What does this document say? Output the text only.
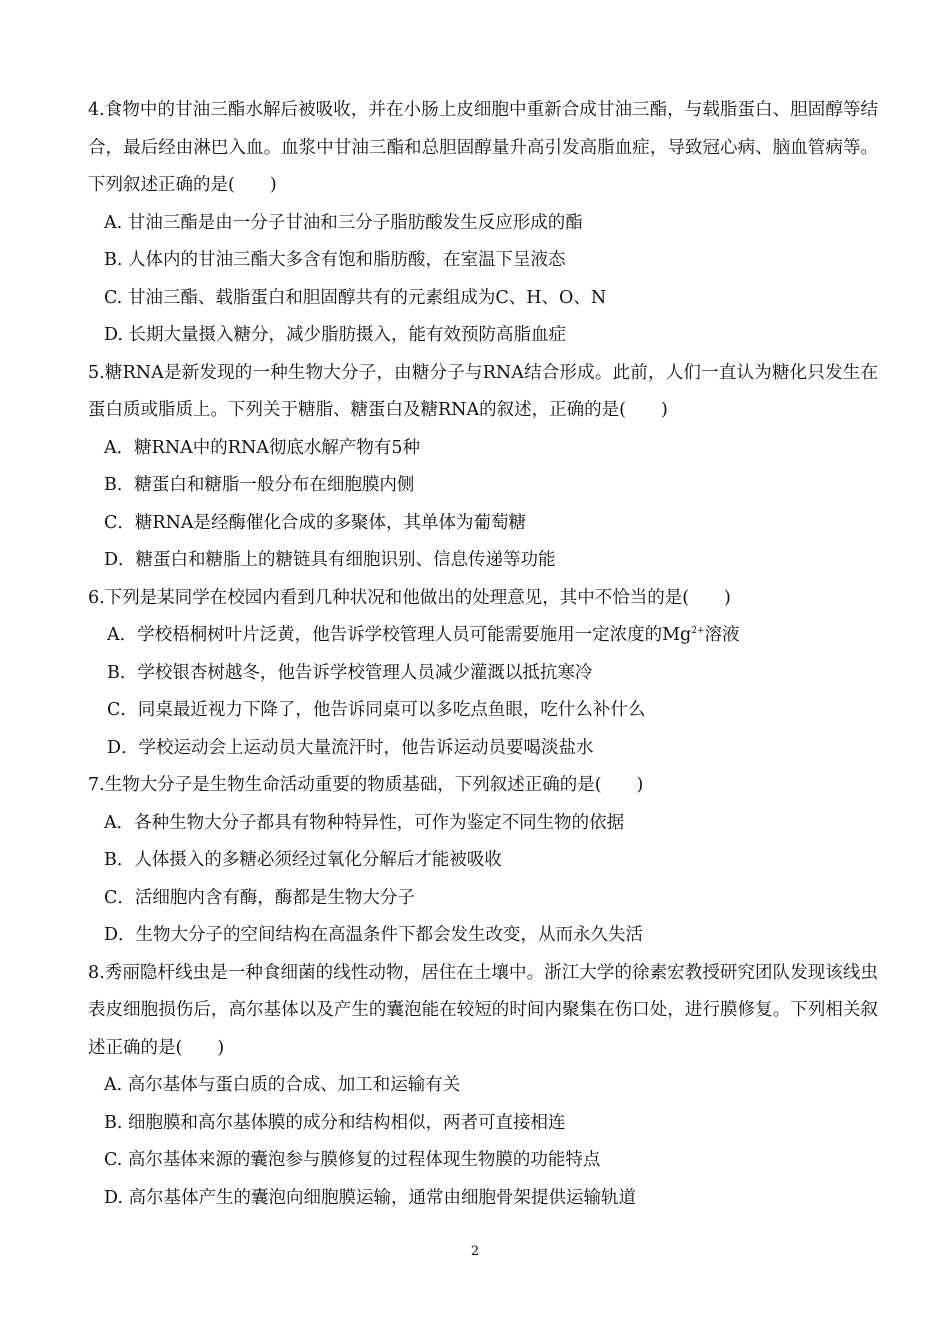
4.食物中的甘油三酯水解后被吸收，并在小肠上皮细胞中重新合成甘油三酯，与载脂蛋白、胆固醇等结合，最后经由淋巴入血。血浆中甘油三酯和总胆固醇量升高引发高脂血症，导致冠心病、脑血管病等。下列叙述正确的是(　　)

A. 甘油三酯是由一分子甘油和三分子脂肪酸发生反应形成的酯
B. 人体内的甘油三酯大多含有饱和脂肪酸，在室温下呈液态
C. 甘油三酯、载脂蛋白和胆固醇共有的元素组成为C、H、O、N
D. 长期大量摄入糖分，减少脂肪摄入，能有效预防高脂血症

5.糖RNA是新发现的一种生物大分子，由糖分子与RNA结合形成。此前，人们一直认为糖化只发生在蛋白质或脂质上。下列关于糖脂、糖蛋白及糖RNA的叙述，正确的是(　　)

A．糖RNA中的RNA彻底水解产物有5种
B．糖蛋白和糖脂一般分布在细胞膜内侧
C．糖RNA是经酶催化合成的多聚体，其单体为葡萄糖
D．糖蛋白和糖脂上的糖链具有细胞识别、信息传递等功能

6.下列是某同学在校园内看到几种状况和他做出的处理意见，其中不恰当的是(　　)

A．学校梧桐树叶片泛黄，他告诉学校管理人员可能需要施用一定浓度的$Mg^{2+}$溶液
B．学校银杏树越冬，他告诉学校管理人员减少灌溉以抵抗寒冷
C．同桌最近视力下降了，他告诉同桌可以多吃点鱼眼，吃什么补什么
D．学校运动会上运动员大量流汗时，他告诉运动员要喝淡盐水

7.生物大分子是生物生命活动重要的物质基础，下列叙述正确的是(　　)

A．各种生物大分子都具有物种特异性，可作为鉴定不同生物的依据
B．人体摄入的多糖必须经过氧化分解后才能被吸收
C．活细胞内含有酶，酶都是生物大分子
D．生物大分子的空间结构在高温条件下都会发生改变，从而永久失活

8.秀丽隐杆线虫是一种食细菌的线性动物，居住在土壤中。浙江大学的徐素宏教授研究团队发现该线虫表皮细胞损伤后，高尔基体以及产生的囊泡能在较短的时间内聚集在伤口处，进行膜修复。下列相关叙述正确的是(　　)

A. 高尔基体与蛋白质的合成、加工和运输有关
B. 细胞膜和高尔基体膜的成分和结构相似，两者可直接相连
C. 高尔基体来源的囊泡参与膜修复的过程体现生物膜的功能特点
D. 高尔基体产生的囊泡向细胞膜运输，通常由细胞骨架提供运输轨道
2
